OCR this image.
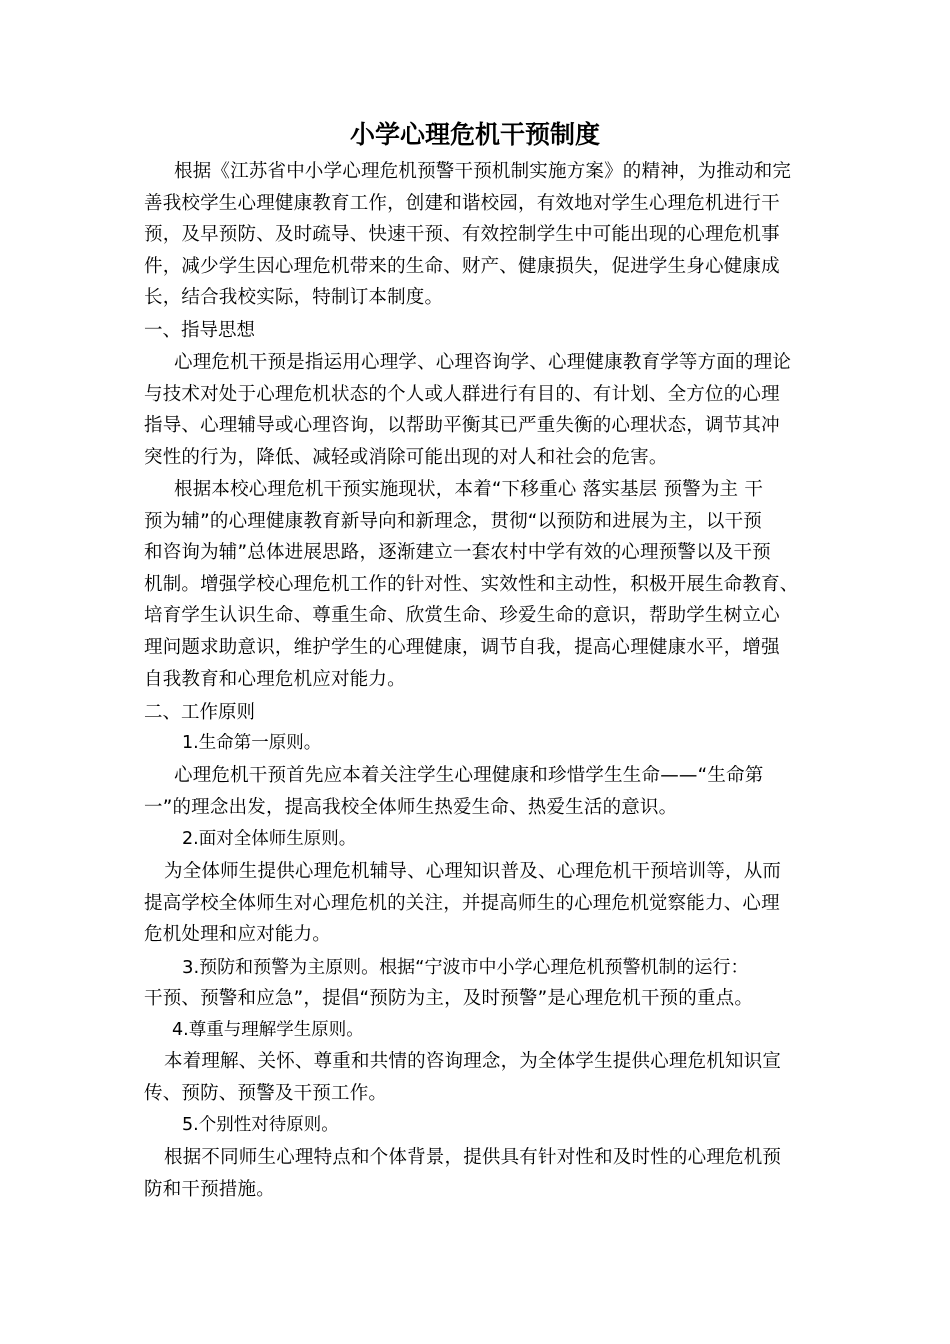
小学心理危机干预制度
根据《江苏省中小学心理危机预警干预机制实施方案》的精神，为推动和完
善我校学生心理健康教育工作，创建和谐校园，有效地对学生心理危机进行干
预，及早预防、及时疏导、快速干预、有效控制学生中可能出现的心理危机事
件，减少学生因心理危机带来的生命、财产、健康损失，促进学生身心健康成
长，结合我校实际，特制订本制度。
一、指导思想
心理危机干预是指运用心理学、心理咨询学、心理健康教育学等方面的理论
与技术对处于心理危机状态的个人或人群进行有目的、有计划、全方位的心理
指导、心理辅导或心理咨询，以帮助平衡其已严重失衡的心理状态，调节其冲
突性的行为，降低、减轻或消除可能出现的对人和社会的危害。
根据本校心理危机干预实施现状，本着“下移重心 落实基层 预警为主 干
预为辅”的心理健康教育新导向和新理念，贯彻“以预防和进展为主，以干预
和咨询为辅”总体进展思路，逐渐建立一套农村中学有效的心理预警以及干预
机制。增强学校心理危机工作的针对性、实效性和主动性，积极开展生命教育、
培育学生认识生命、尊重生命、欣赏生命、珍爱生命的意识，帮助学生树立心
理问题求助意识，维护学生的心理健康，调节自我，提高心理健康水平，增强
自我教育和心理危机应对能力。
二、工作原则
1.生命第一原则。
心理危机干预首先应本着关注学生心理健康和珍惜学生生命——“生命第
一”的理念出发，提高我校全体师生热爱生命、热爱生活的意识。
2.面对全体师生原则。
为全体师生提供心理危机辅导、心理知识普及、心理危机干预培训等，从而
提高学校全体师生对心理危机的关注，并提高师生的心理危机觉察能力、心理
危机处理和应对能力。
3.预防和预警为主原则。根据“宁波市中小学心理危机预警机制的运行：
干预、预警和应急”，提倡“预防为主，及时预警”是心理危机干预的重点。
4.尊重与理解学生原则。
本着理解、关怀、尊重和共情的咨询理念，为全体学生提供心理危机知识宣
传、预防、预警及干预工作。
5.个别性对待原则。
根据不同师生心理特点和个体背景，提供具有针对性和及时性的心理危机预
防和干预措施。
